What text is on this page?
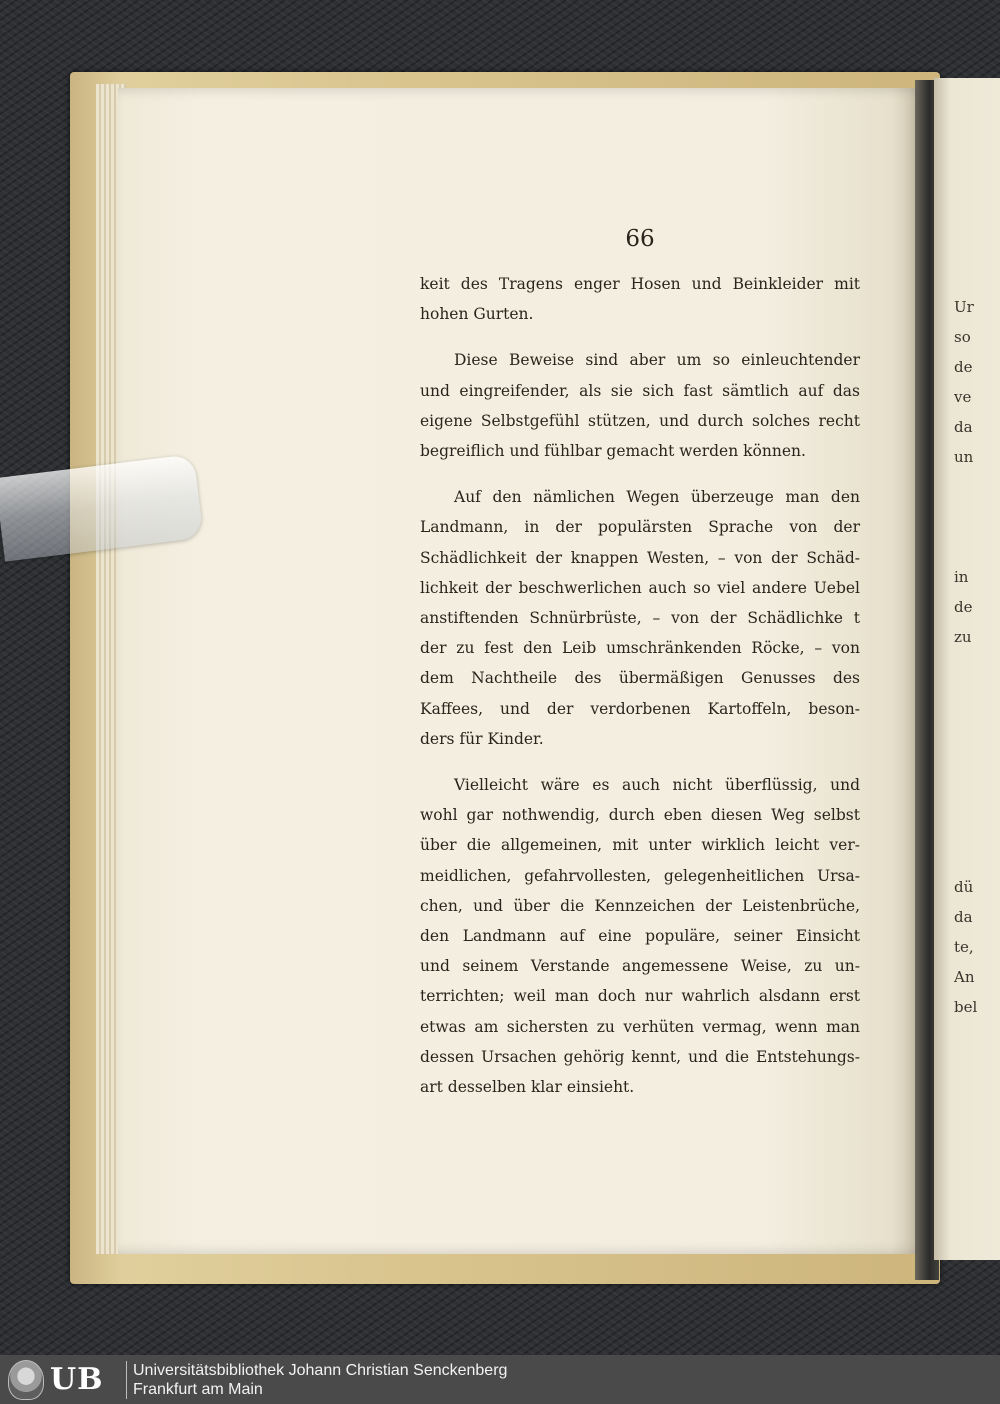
Ur
so
de
ve
da
un
in
de
zu
dü
da
te,
An
bel
66
keit des Tragens enger Hosen und Beinkleider mit
hohen Gurten.
Diese Beweise sind aber um so einleuchtender
und eingreifender, als sie sich fast sämtlich auf das
eigene Selbstgefühl stützen, und durch solches recht
begreiflich und fühlbar gemacht werden können.
Auf den nämlichen Wegen überzeuge man den
Landmann, in der populärsten Sprache von der
Schädlichkeit der knappen Westen, – von der Schäd-
lichkeit der beschwerlichen auch so viel andere Uebel
anstiftenden Schnürbrüste, – von der Schädlichke t
der zu fest den Leib umschränkenden Röcke, – von
dem Nachtheile des übermäßigen Genusses des
Kaffees, und der verdorbenen Kartoffeln, beson-
ders für Kinder.
Vielleicht wäre es auch nicht überflüssig, und
wohl gar nothwendig, durch eben diesen Weg selbst
über die allgemeinen, mit unter wirklich leicht ver-
meidlichen, gefahrvollesten, gelegenheitlichen Ursa-
chen, und über die Kennzeichen der Leistenbrüche,
den Landmann auf eine populäre, seiner Einsicht
und seinem Verstande angemessene Weise, zu un-
terrichten; weil man doch nur wahrlich alsdann erst
etwas am sichersten zu verhüten vermag, wenn man
dessen Ursachen gehörig kennt, und die Entstehungs-
art desselben klar einsieht.
UB Universitätsbibliothek Johann Christian Senckenberg
Frankfurt am Main
